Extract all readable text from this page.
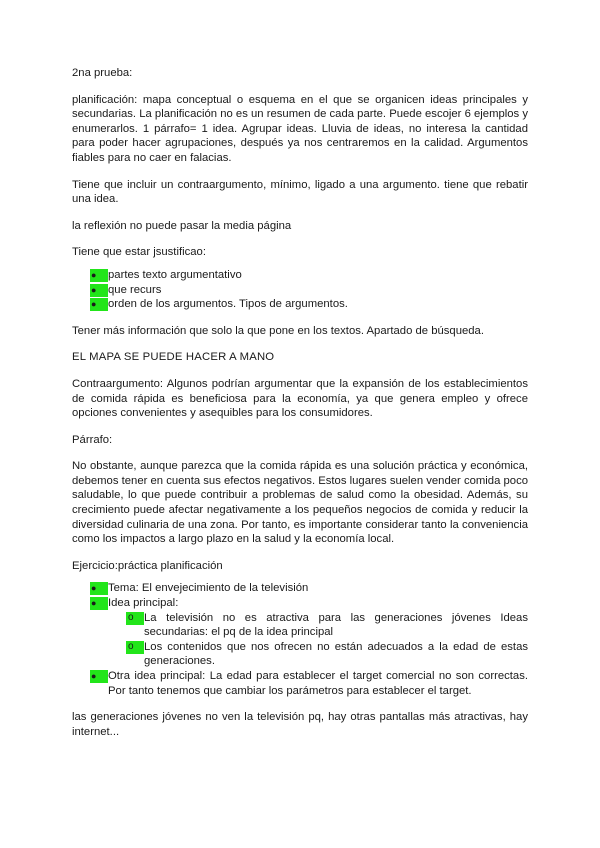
2na prueba:

planificación: mapa conceptual o esquema en el que se organicen ideas principales y secundarias. La planificación no es un resumen de cada parte. Puede escojer 6 ejemplos y enumerarlos. 1 párrafo= 1 idea. Agrupar ideas. Lluvia de ideas, no interesa la cantidad para poder hacer agrupaciones, después ya nos centraremos en la calidad. Argumentos fiables para no caer en falacias.

Tiene que incluir un contraargumento, mínimo, ligado a una argumento. tiene que rebatir una idea.

la reflexión no puede pasar la media página

Tiene que estar jsustificao:

●	partes texto argumentativo
●	que recurs
●	orden de los argumentos. Tipos de argumentos.

Tener más información que solo la que pone en los textos. Apartado de búsqueda.

EL MAPA SE PUEDE HACER A MANO

Contraargumento: Algunos podrían argumentar que la expansión de los establecimientos de comida rápida es beneficiosa para la economía, ya que genera empleo y ofrece opciones convenientes y asequibles para los consumidores.

Párrafo:

No obstante, aunque parezca que la comida rápida es una solución práctica y económica, debemos tener en cuenta sus efectos negativos. Estos lugares suelen vender comida poco saludable, lo que puede contribuir a problemas de salud como la obesidad. Además, su crecimiento puede afectar negativamente a los pequeños negocios de comida y reducir la diversidad culinaria de una zona. Por tanto, es importante considerar tanto la conveniencia como los impactos a largo plazo en la salud y la economía local.

Ejercicio:práctica planificación

●	Tema: El envejecimiento de la televisión
●	Idea principal:
o La televisión no es atractiva para las generaciones jóvenes Ideas secundarias: el pq de la idea principal
o Los contenidos que nos ofrecen no están adecuados a la edad de estas generaciones.
●	Otra idea principal: La edad para establecer el target comercial no son correctas. Por tanto tenemos que cambiar los parámetros para establecer el target.

las generaciones jóvenes no ven la televisión pq, hay otras pantallas más atractivas, hay internet...
